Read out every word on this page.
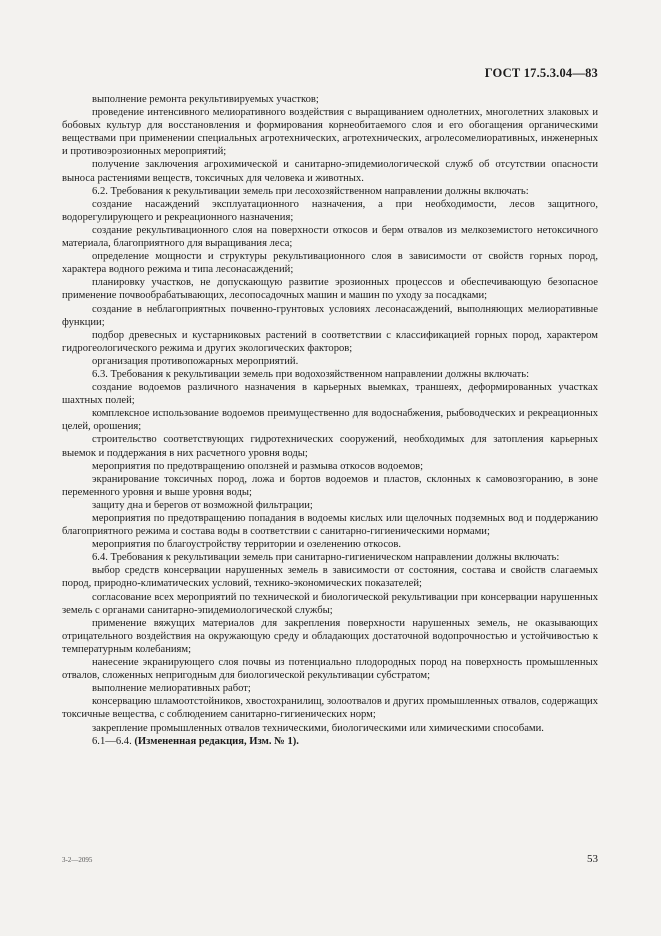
ГОСТ 17.5.3.04—83

выполнение ремонта рекультивируемых участков;

проведение интенсивного мелиоративного воздействия с выращиванием однолетних, многолетних злаковых и бобовых культур для восстановления и формирования корнеобитаемого слоя и его обогащения органическими веществами при применении специальных агротехнических, агротехнических, агролесомелиоративных, инженерных и противоэрозионных мероприятий;

получение заключения агрохимической и санитарно-эпидемиологической служб об отсутствии опасности выноса растениями веществ, токсичных для человека и животных.

6.2. Требования к рекультивации земель при лесохозяйственном направлении должны включать:

создание насаждений эксплуатационного назначения, а при необходимости, лесов защитного, водорегулирующего и рекреационного назначения;

создание рекультивационного слоя на поверхности откосов и берм отвалов из мелкоземистого нетоксичного материала, благоприятного для выращивания леса;

определение мощности и структуры рекультивационного слоя в зависимости от свойств горных пород, характера водного режима и типа лесонасаждений;

планировку участков, не допускающую развитие эрозионных процессов и обеспечивающую безопасное применение почвообрабатывающих, лесопосадочных машин и машин по уходу за посадками;

создание в неблагоприятных почвенно-грунтовых условиях лесонасаждений, выполняющих мелиоративные функции;

подбор древесных и кустарниковых растений в соответствии с классификацией горных пород, характером гидрогеологического режима и других экологических факторов;

организация противопожарных мероприятий.

6.3. Требования к рекультивации земель при водохозяйственном направлении должны включать:

создание водоемов различного назначения в карьерных выемках, траншеях, деформированных участках шахтных полей;

комплексное использование водоемов преимущественно для водоснабжения, рыбоводческих и рекреационных целей, орошения;

строительство соответствующих гидротехнических сооружений, необходимых для затопления карьерных выемок и поддержания в них расчетного уровня воды;

мероприятия по предотвращению оползней и размыва откосов водоемов;

экранирование токсичных пород, ложа и бортов водоемов и пластов, склонных к самовозгоранию, в зоне переменного уровня и выше уровня воды;

защиту дна и берегов от возможной фильтрации;

мероприятия по предотвращению попадания в водоемы кислых или щелочных подземных вод и поддержанию благоприятного режима и состава воды в соответствии с санитарно-гигиеническими нормами;

мероприятия по благоустройству территории и озеленению откосов.

6.4. Требования к рекультивации земель при санитарно-гигиеническом направлении должны включать:

выбор средств консервации нарушенных земель в зависимости от состояния, состава и свойств слагаемых пород, природно-климатических условий, технико-экономических показателей;

согласование всех мероприятий по технической и биологической рекультивации при консервации нарушенных земель с органами санитарно-эпидемиологической службы;

применение вяжущих материалов для закрепления поверхности нарушенных земель, не оказывающих отрицательного воздействия на окружающую среду и обладающих достаточной водопрочностью и устойчивостью к температурным колебаниям;

нанесение экранирующего слоя почвы из потенциально плодородных пород на поверхность промышленных отвалов, сложенных непригодным для биологической рекультивации субстратом;

выполнение мелиоративных работ;

консервацию шламоотстойников, хвостохранилищ, золоотвалов и других промышленных отвалов, содержащих токсичные вещества, с соблюдением санитарно-гигиенических норм;

закрепление промышленных отвалов техническими, биологическими или химическими способами.

6.1—6.4. (Измененная редакция, Изм. № 1).

3-2—2095	53
